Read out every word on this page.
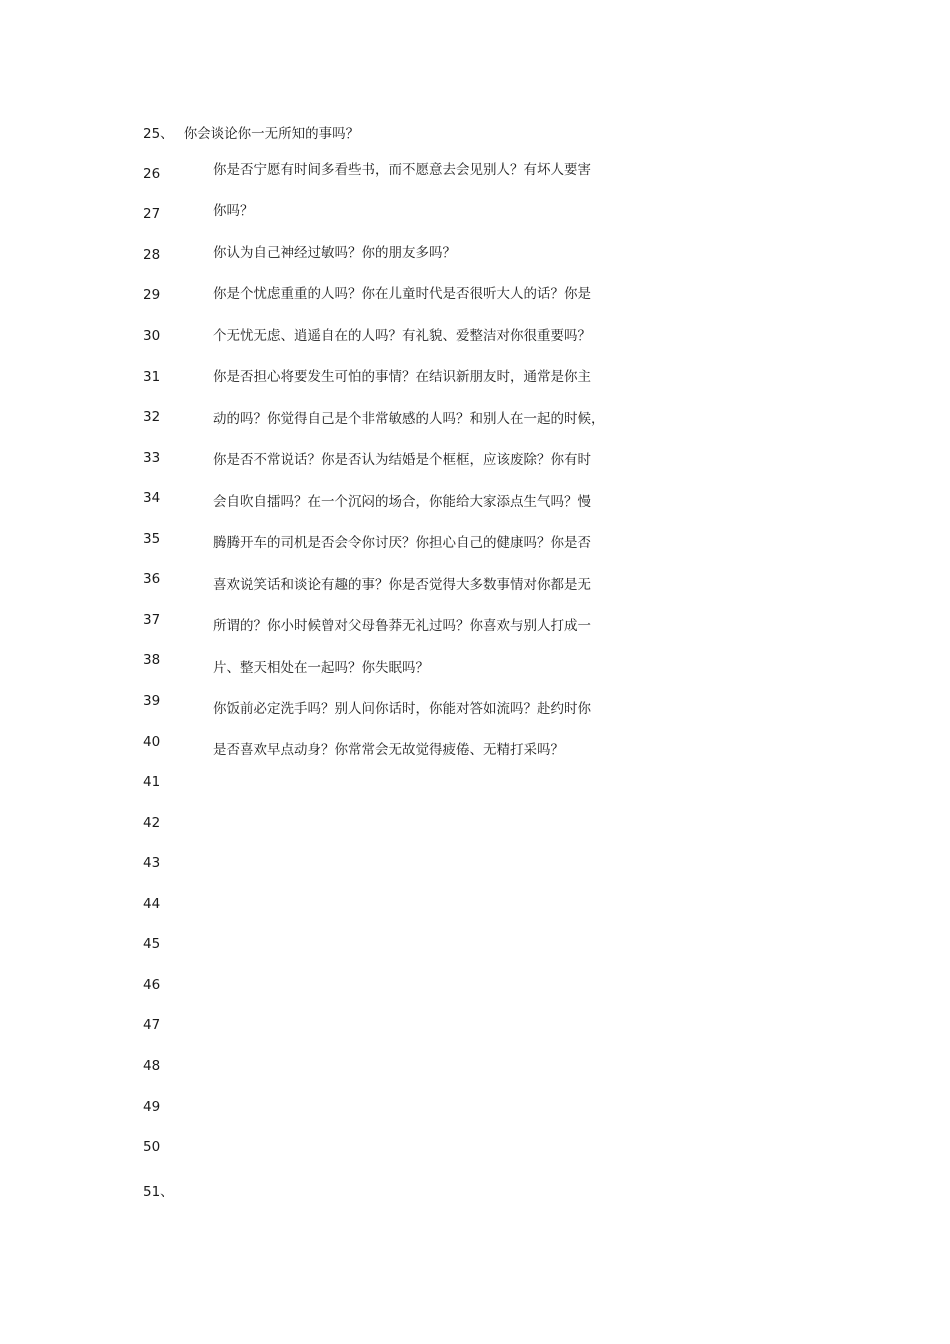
25、 你会谈论你一无所知的事吗？
26
27
28
29
30
31
32
33
34
35
36
37
38
39
40
41
42
43
44
45
46
47
48
49
50
51、
你是否宁愿有时间多看些书，而不愿意去会见别人？有坏人要害
你吗？
你认为自己神经过敏吗？你的朋友多吗？
你是个忧虑重重的人吗？你在儿童时代是否很听大人的话？你是
个无忧无虑、逍遥自在的人吗？有礼貌、爱整洁对你很重要吗？
你是否担心将要发生可怕的事情？在结识新朋友时，通常是你主
动的吗？你觉得自己是个非常敏感的人吗？和别人在一起的时候，
你是否不常说话？你是否认为结婚是个框框，应该废除？你有时
会自吹自擂吗？在一个沉闷的场合，你能给大家添点生气吗？慢
腾腾开车的司机是否会令你讨厌？你担心自己的健康吗？你是否
喜欢说笑话和谈论有趣的事？你是否觉得大多数事情对你都是无
所谓的？你小时候曾对父母鲁莽无礼过吗？你喜欢与别人打成一
片、整天相处在一起吗？你失眠吗？
你饭前必定洗手吗？别人问你话时，你能对答如流吗？赴约时你
是否喜欢早点动身？你常常会无故觉得疲倦、无精打采吗？
